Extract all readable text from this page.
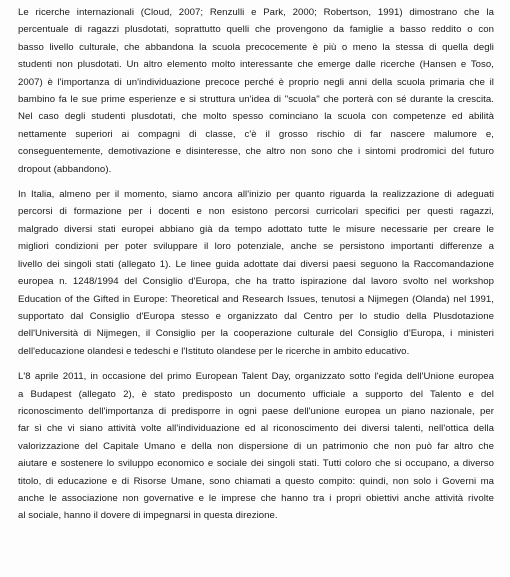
Le ricerche internazionali (Cloud, 2007; Renzulli e Park, 2000; Robertson, 1991) dimostrano che la
percentuale di ragazzi plusdotati, soprattutto quelli che provengono da famiglie a basso reddito o con
basso livello culturale, che abbandona la scuola precocemente è più o meno la stessa di quella degli
studenti non plusdotati. Un altro elemento molto interessante che emerge dalle ricerche (Hansen e Toso,
2007) è l'importanza di un'individuazione precoce perché è proprio negli anni della scuola primaria che il
bambino fa le sue prime esperienze e si struttura un'idea di "scuola" che porterà con sé durante la crescita.
Nel caso degli studenti plusdotati, che molto spesso cominciano la scuola con competenze ed abilità
nettamente superiori ai compagni di classe, c'è il grosso rischio di far nascere malumore e,
conseguentemente, demotivazione e disinteresse, che altro non sono che i sintomi prodromici del futuro
dropout (abbandono).
In Italia, almeno per il momento, siamo ancora all'inizio per quanto riguarda la realizzazione di adeguati
percorsi di formazione per i docenti e non esistono percorsi curricolari specifici per questi ragazzi,
malgrado diversi stati europei abbiano già da tempo adottato tutte le misure necessarie per creare le
migliori condizioni per poter sviluppare il loro potenziale, anche se persistono importanti differenze a
livello dei singoli stati (allegato 1). Le linee guida adottate dai diversi paesi seguono la Raccomandazione
europea n. 1248/1994 del Consiglio d'Europa, che ha tratto ispirazione dal lavoro svolto nel workshop
Education of the Gifted in Europe: Theoretical and Research Issues, tenutosi a Nijmegen (Olanda) nel 1991,
supportato dal Consiglio d'Europa stesso e organizzato dal Centro per lo studio della Plusdotazione
dell'Università di Nijmegen, il Consiglio per la cooperazione culturale del Consiglio d'Europa, i ministeri
dell'educazione olandesi e tedeschi e l'Istituto olandese per le ricerche in ambito educativo.
L'8 aprile 2011, in occasione del primo European Talent Day, organizzato sotto l'egida dell'Unione europea
a Budapest (allegato 2), è stato predisposto un documento ufficiale a supporto del Talento e del
riconoscimento dell'importanza di predisporre in ogni paese dell'unione europea un piano nazionale, per
far sì che vi siano attività volte all'individuazione ed al riconoscimento dei diversi talenti, nell'ottica della
valorizzazione del Capitale Umano e della non dispersione di un patrimonio che non può far altro che
aiutare e sostenere lo sviluppo economico e sociale dei singoli stati. Tutti coloro che si occupano, a diverso
titolo, di educazione e di Risorse Umane, sono chiamati a questo compito: quindi, non solo i Governi ma
anche le associazione non governative e le imprese che hanno tra i propri obiettivi anche attività rivolte
al sociale, hanno il dovere di impegnarsi in questa direzione.
